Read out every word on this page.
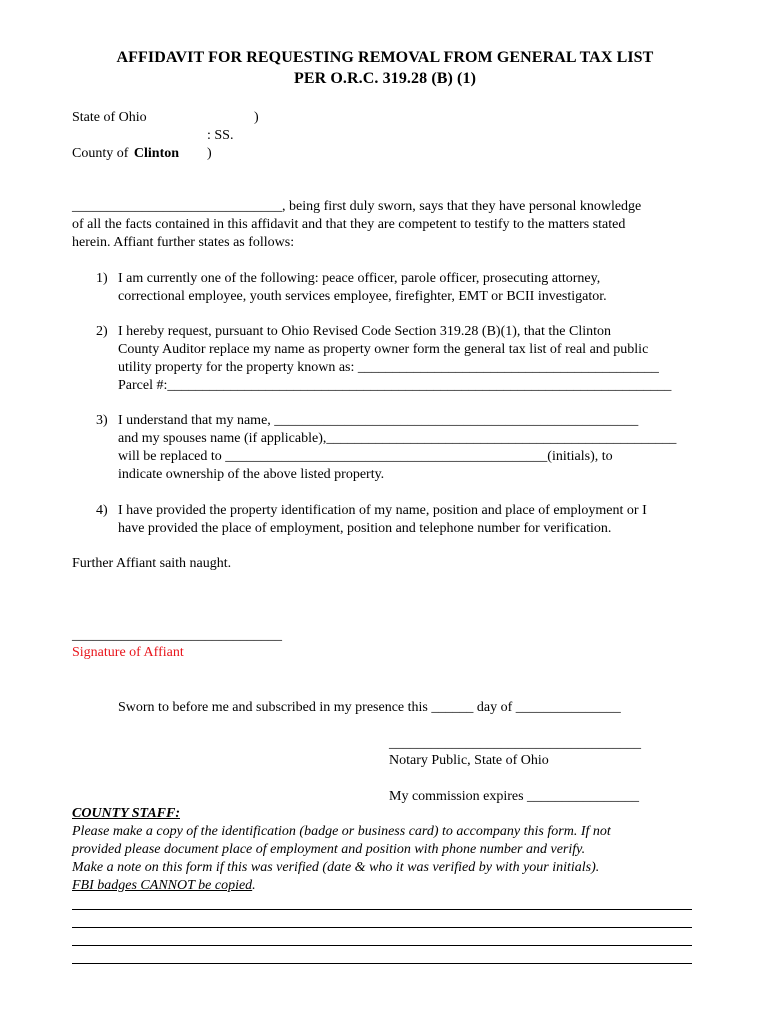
AFFIDAVIT FOR REQUESTING REMOVAL FROM GENERAL TAX LIST
PER O.R.C. 319.28 (B) (1)
State of Ohio	)
: SS.
County of Clinton )
______________________________, being first duly sworn, says that they have personal knowledge
of all the facts contained in this affidavit and that they are competent to testify to the matters stated
herein. Affiant further states as follows:
1) I am currently one of the following: peace officer, parole officer, prosecuting attorney,
correctional employee, youth services employee, firefighter, EMT or BCII investigator.
2) I hereby request, pursuant to Ohio Revised Code Section 319.28 (B)(1), that the Clinton
County Auditor replace my name as property owner form the general tax list of real and public
utility property for the property known as: ___________________________________________
Parcel #:________________________________________________________________________
3) I understand that my name, ____________________________________________________
and my spouses name (if applicable),__________________________________________________
will be replaced to ______________________________________________(initials), to
indicate ownership of the above listed property.
4) I have provided the property identification of my name, position and place of employment or I
have provided the place of employment, position and telephone number for verification.
Further Affiant saith naught.
______________________________
Signature of Affiant
Sworn to before me and subscribed in my presence this ______ day of _______________
____________________________________
Notary Public, State of Ohio
My commission expires ________________
COUNTY STAFF:
Please make a copy of the identification (badge or business card) to accompany this form. If not
provided please document place of employment and position with phone number and verify.
Make a note on this form if this was verified (date & who it was verified by with your initials).
FBI badges CANNOT be copied.
